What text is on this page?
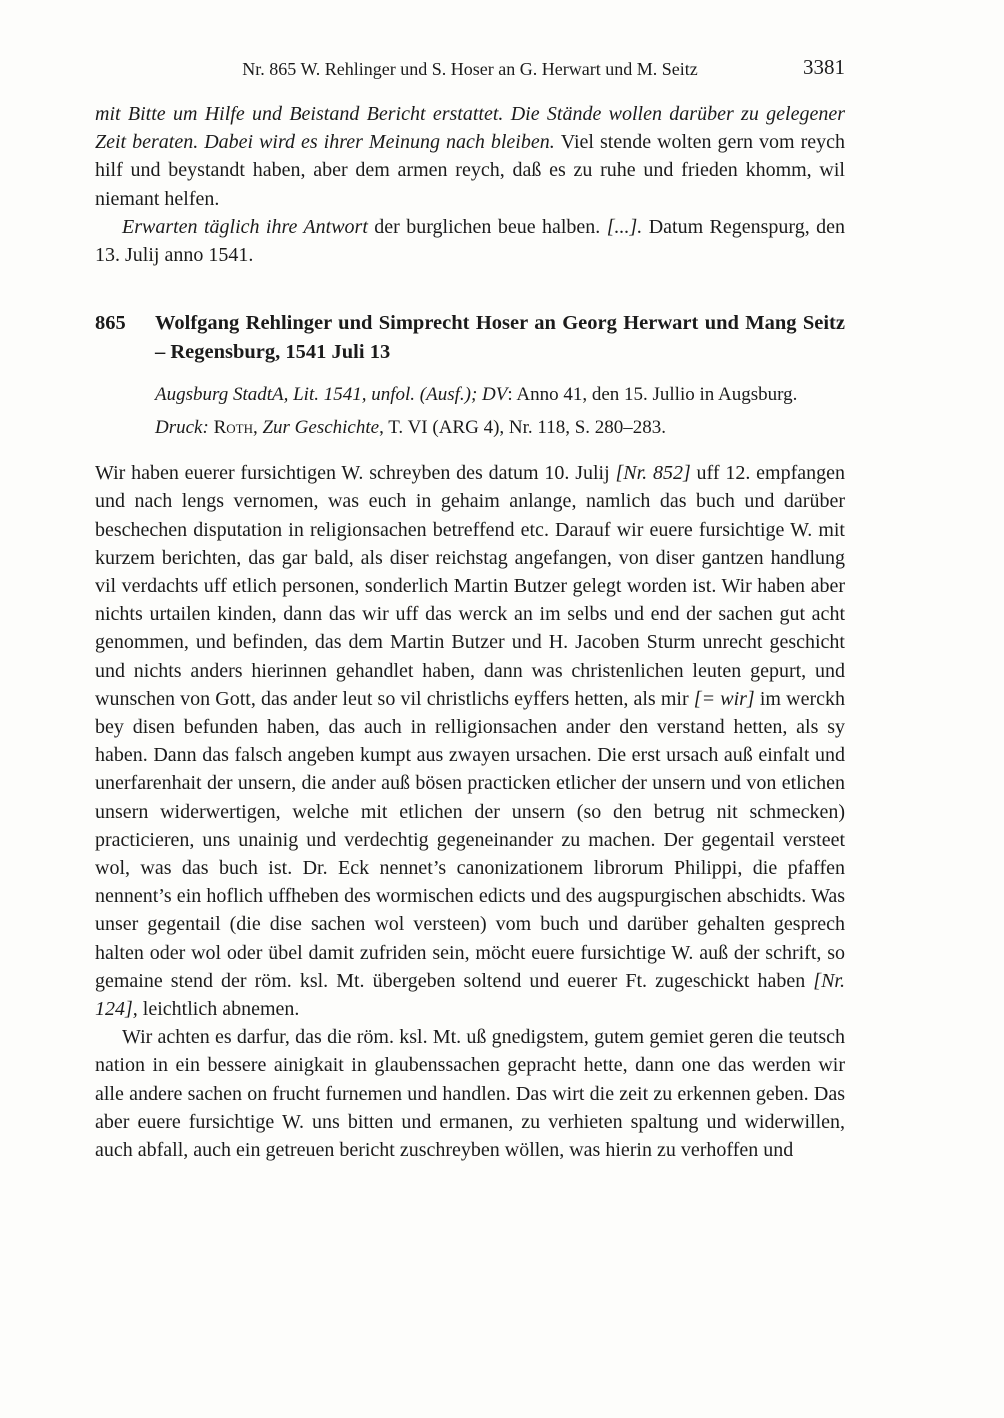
Nr. 865 W. Rehlinger und S. Hoser an G. Herwart und M. Seitz	3381

mit Bitte um Hilfe und Beistand Bericht erstattet. Die Stände wollen darüber zu gelegener Zeit beraten. Dabei wird es ihrer Meinung nach bleiben. Viel stende wolten gern vom reych hilf und beystandt haben, aber dem armen reych, daß es zu ruhe und frieden khomm, wil niemant helfen.

Erwarten täglich ihre Antwort der burglichen beue halben. [...]. Datum Regenspurg, den 13. Julij anno 1541.

865	Wolfgang Rehlinger und Simprecht Hoser an Georg Herwart und Mang Seitz – Regensburg, 1541 Juli 13

Augsburg StadtA, Lit. 1541, unfol. (Ausf.); DV: Anno 41, den 15. Jullio in Augsburg.

Druck: Roth, Zur Geschichte, T. VI (ARG 4), Nr. 118, S. 280–283.

Wir haben euerer fursichtigen W. schreyben des datum 10. Julij [Nr. 852] uff 12. empfangen und nach lengs vernomen, was euch in gehaim anlange, namlich das buch und darüber beschechen disputation in religionsachen betreffend etc. Darauf wir euere fursichtige W. mit kurzem berichten, das gar bald, als diser reichstag angefangen, von diser gantzen handlung vil verdachts uff etlich personen, sonderlich Martin Butzer gelegt worden ist. Wir haben aber nichts urtailen kinden, dann das wir uff das werck an im selbs und end der sachen gut acht genommen, und befinden, das dem Martin Butzer und H. Jacoben Sturm unrecht geschicht und nichts anders hierinnen gehandlet haben, dann was christenlichen leuten gepurt, und wunschen von Gott, das ander leut so vil christlichs eyffers hetten, als mir [= wir] im werckh bey disen befunden haben, das auch in relligionsachen ander den verstand hetten, als sy haben. Dann das falsch angeben kumpt aus zwayen ursachen. Die erst ursach auß einfalt und unerfarenhait der unsern, die ander auß bösen practicken etlicher der unsern und von etlichen unsern widerwertigen, welche mit etlichen der unsern (so den betrug nit schmecken) practicieren, uns unainig und verdechtig gegeneinander zu machen. Der gegentail versteet wol, was das buch ist. Dr. Eck nennet’s canonizationem librorum Philippi, die pfaffen nennent’s ein hoflich uffheben des wormischen edicts und des augspurgischen abschidts. Was unser gegentail (die dise sachen wol versteen) vom buch und darüber gehalten gesprech halten oder wol oder übel damit zufriden sein, möcht euere fursichtige W. auß der schrift, so gemaine stend der röm. ksl. Mt. übergeben soltend und euerer Ft. zugeschickt haben [Nr. 124], leichtlich abnemen.

Wir achten es darfur, das die röm. ksl. Mt. uß gnedigstem, gutem gemiet geren die teutsch nation in ein bessere ainigkait in glaubenssachen gepracht hette, dann one das werden wir alle andere sachen on frucht furnemen und handlen. Das wirt die zeit zu erkennen geben. Das aber euere fursichtige W. uns bitten und ermanen, zu verhieten spaltung und widerwillen, auch abfall, auch ein getreuen bericht zuschreyben wöllen, was hierin zu verhoffen und
